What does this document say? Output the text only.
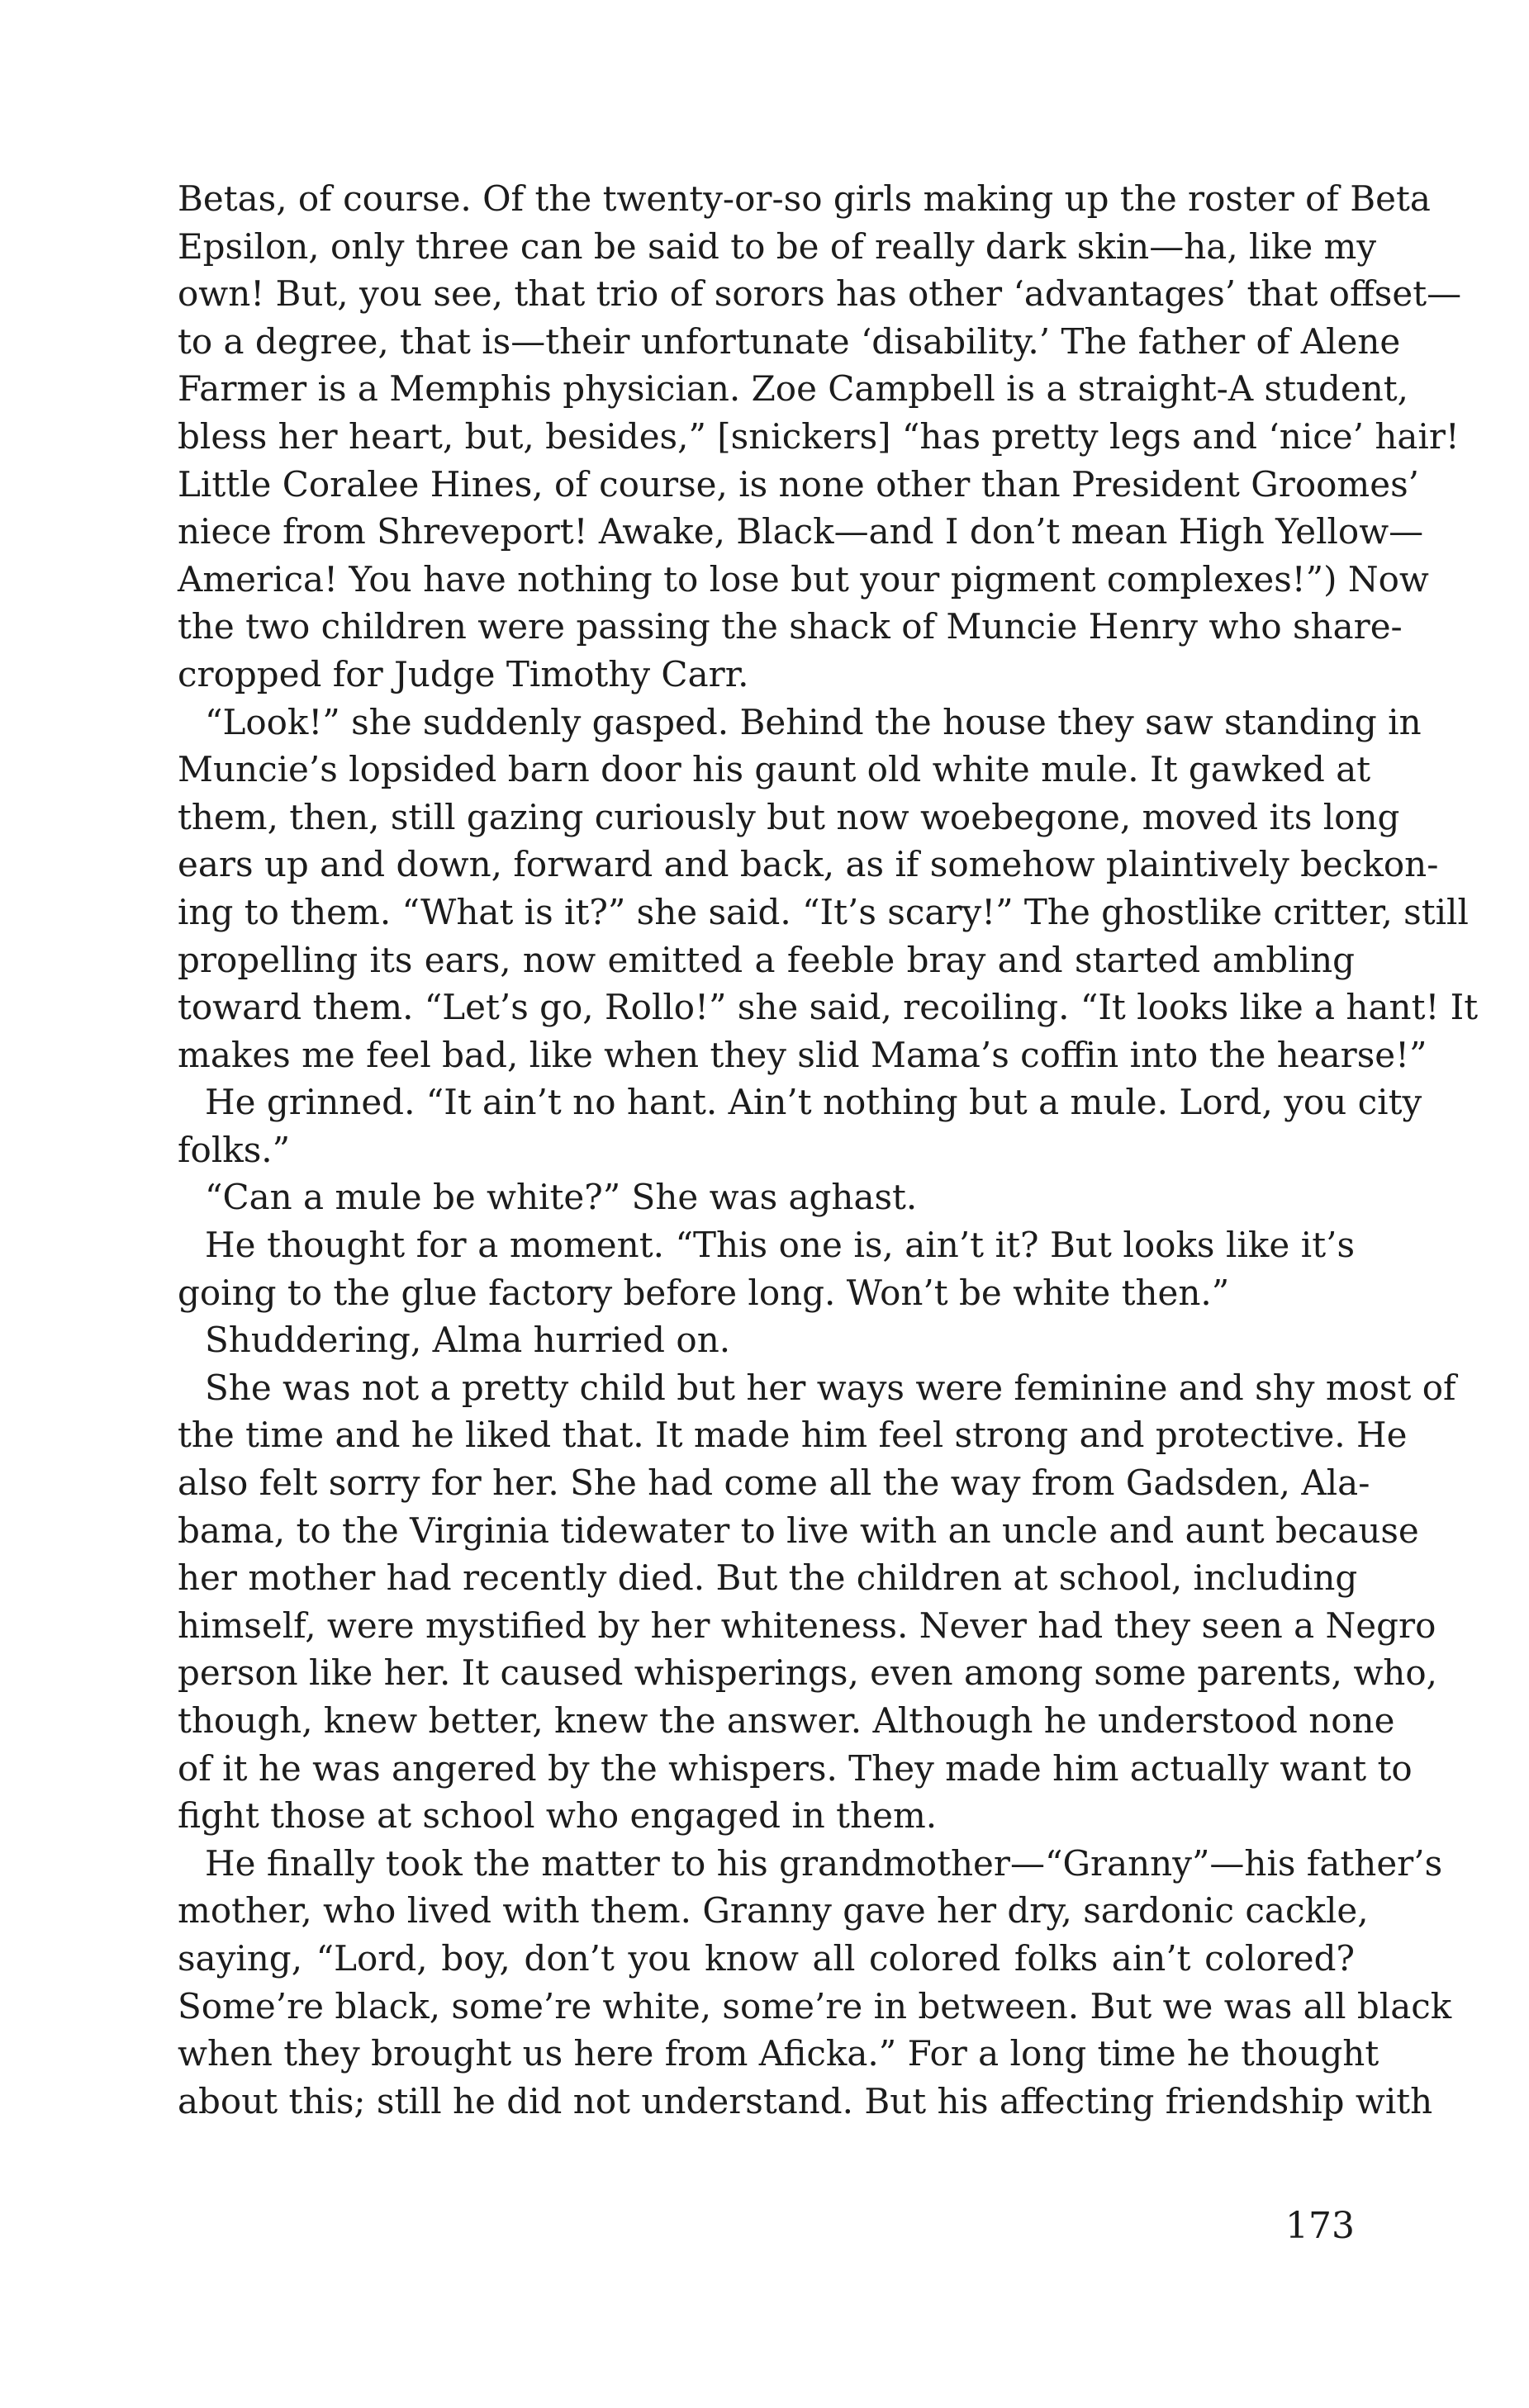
Betas, of course. Of the twenty-or-so girls making up the roster of Beta
Epsilon, only three can be said to be of really dark skin—ha, like my
own! But, you see, that trio of sorors has other ‘advantages’ that offset—
to a degree, that is—their unfortunate ‘disability.’ The father of Alene
Farmer is a Memphis physician. Zoe Campbell is a straight-A student,
bless her heart, but, besides,” [snickers] “has pretty legs and ‘nice’ hair!
Little Coralee Hines, of course, is none other than President Groomes’
niece from Shreveport! Awake, Black—and I don’t mean High Yellow—
America! You have nothing to lose but your pigment complexes!”) Now
the two children were passing the shack of Muncie Henry who share-
cropped for Judge Timothy Carr.
“Look!” she suddenly gasped. Behind the house they saw standing in
Muncie’s lopsided barn door his gaunt old white mule. It gawked at
them, then, still gazing curiously but now woebegone, moved its long
ears up and down, forward and back, as if somehow plaintively beckon-
ing to them. “What is it?” she said. “It’s scary!” The ghostlike critter, still
propelling its ears, now emitted a feeble bray and started ambling
toward them. “Let’s go, Rollo!” she said, recoiling. “It looks like a hant! It
makes me feel bad, like when they slid Mama’s coffin into the hearse!”
He grinned. “It ain’t no hant. Ain’t nothing but a mule. Lord, you city
folks.”
“Can a mule be white?” She was aghast.
He thought for a moment. “This one is, ain’t it? But looks like it’s
going to the glue factory before long. Won’t be white then.”
Shuddering, Alma hurried on.
She was not a pretty child but her ways were feminine and shy most of
the time and he liked that. It made him feel strong and protective. He
also felt sorry for her. She had come all the way from Gadsden, Ala-
bama, to the Virginia tidewater to live with an uncle and aunt because
her mother had recently died. But the children at school, including
himself, were mystified by her whiteness. Never had they seen a Negro
person like her. It caused whisperings, even among some parents, who,
though, knew better, knew the answer. Although he understood none
of it he was angered by the whispers. They made him actually want to
fight those at school who engaged in them.
He finally took the matter to his grandmother—“Granny”—his father’s
mother, who lived with them. Granny gave her dry, sardonic cackle,
saying, “Lord, boy, don’t you know all colored folks ain’t colored?
Some’re black, some’re white, some’re in between. But we was all black
when they brought us here from Aficka.” For a long time he thought
about this; still he did not understand. But his affecting friendship with
173
